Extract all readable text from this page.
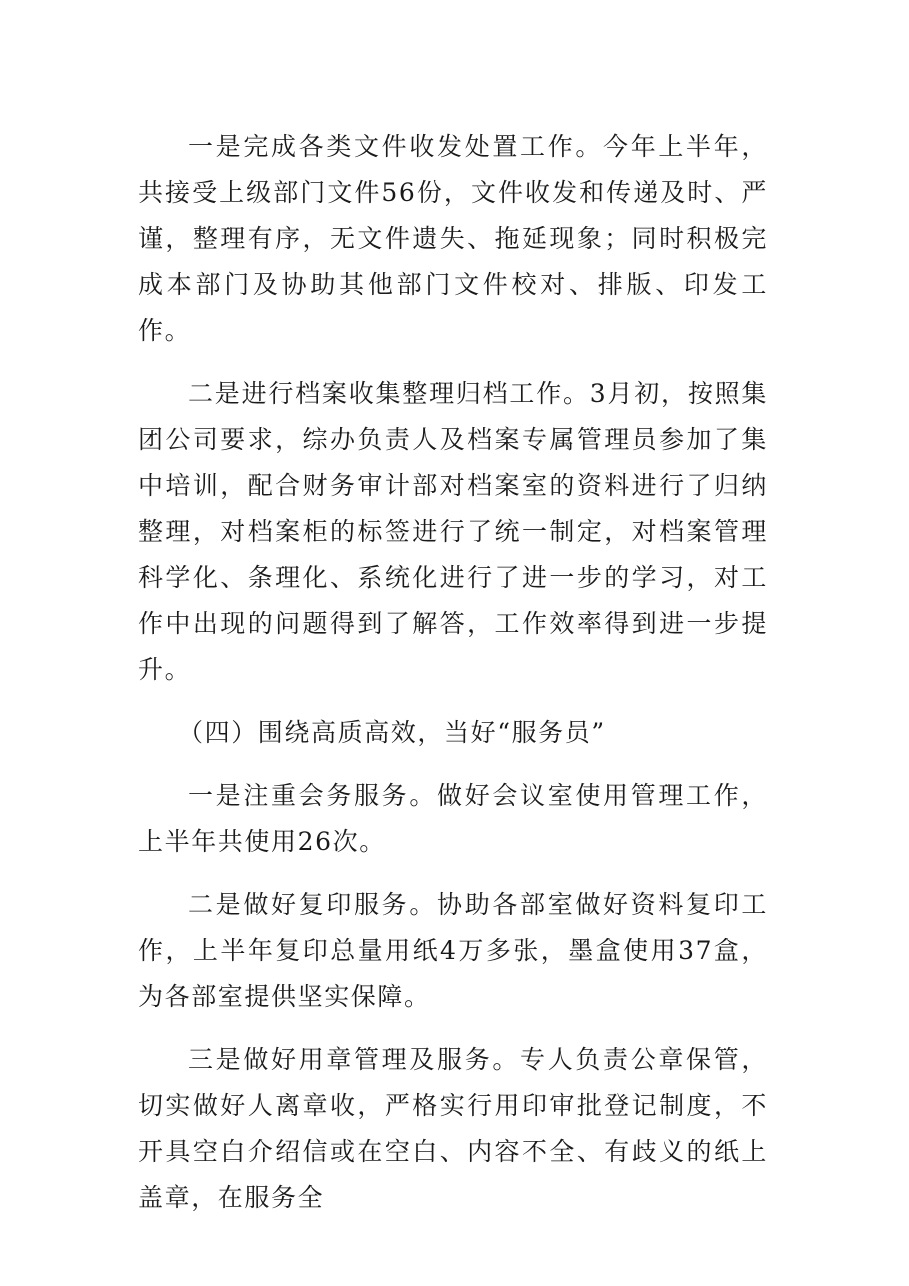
一是完成各类文件收发处置工作。今年上半年，共接受上级部门文件56份，文件收发和传递及时、严谨，整理有序，无文件遗失、拖延现象；同时积极完成本部门及协助其他部门文件校对、排版、印发工作。

二是进行档案收集整理归档工作。3月初，按照集团公司要求，综办负责人及档案专属管理员参加了集中培训，配合财务审计部对档案室的资料进行了归纳整理，对档案柜的标签进行了统一制定，对档案管理科学化、条理化、系统化进行了进一步的学习，对工作中出现的问题得到了解答，工作效率得到进一步提升。

（四）围绕高质高效，当好“服务员”

一是注重会务服务。做好会议室使用管理工作，上半年共使用26次。

二是做好复印服务。协助各部室做好资料复印工作，上半年复印总量用纸4万多张，墨盒使用37盒，为各部室提供坚实保障。

三是做好用章管理及服务。专人负责公章保管，切实做好人离章收，严格实行用印审批登记制度，不开具空白介绍信或在空白、内容不全、有歧义的纸上盖章，在服务全
